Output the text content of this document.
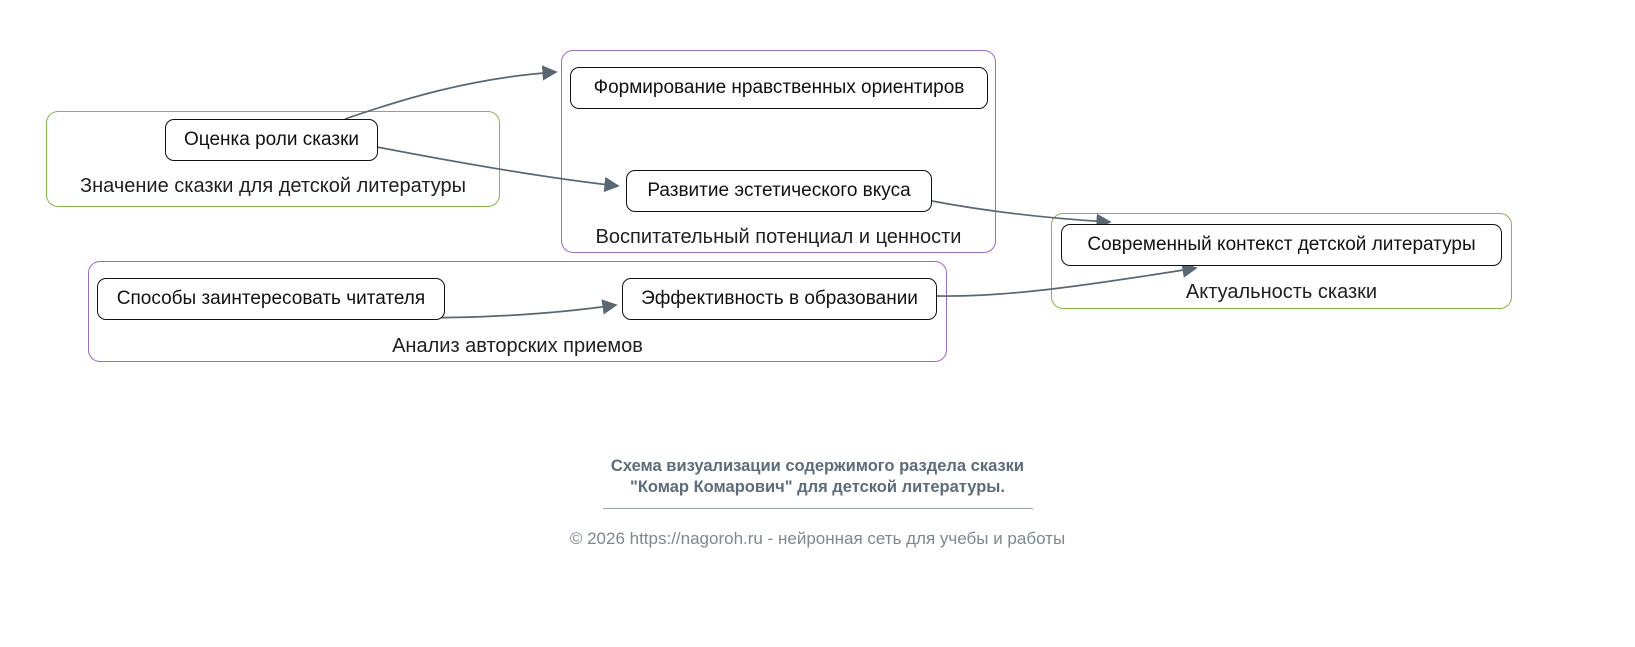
Значение сказки для детской литературы
Воспитательный потенциал и ценности
Анализ авторских приемов
Актуальность сказки
Оценка роли сказки
Формирование нравственных ориентиров
Развитие эстетического вкуса
Современный контекст детской литературы
Способы заинтересовать читателя	Эффективность в образовании
Схема визуализации содержимого раздела сказки
"Комар Комарович" для детской литературы.
© 2026 https://nagoroh.ru - нейронная сеть для учебы и работы
